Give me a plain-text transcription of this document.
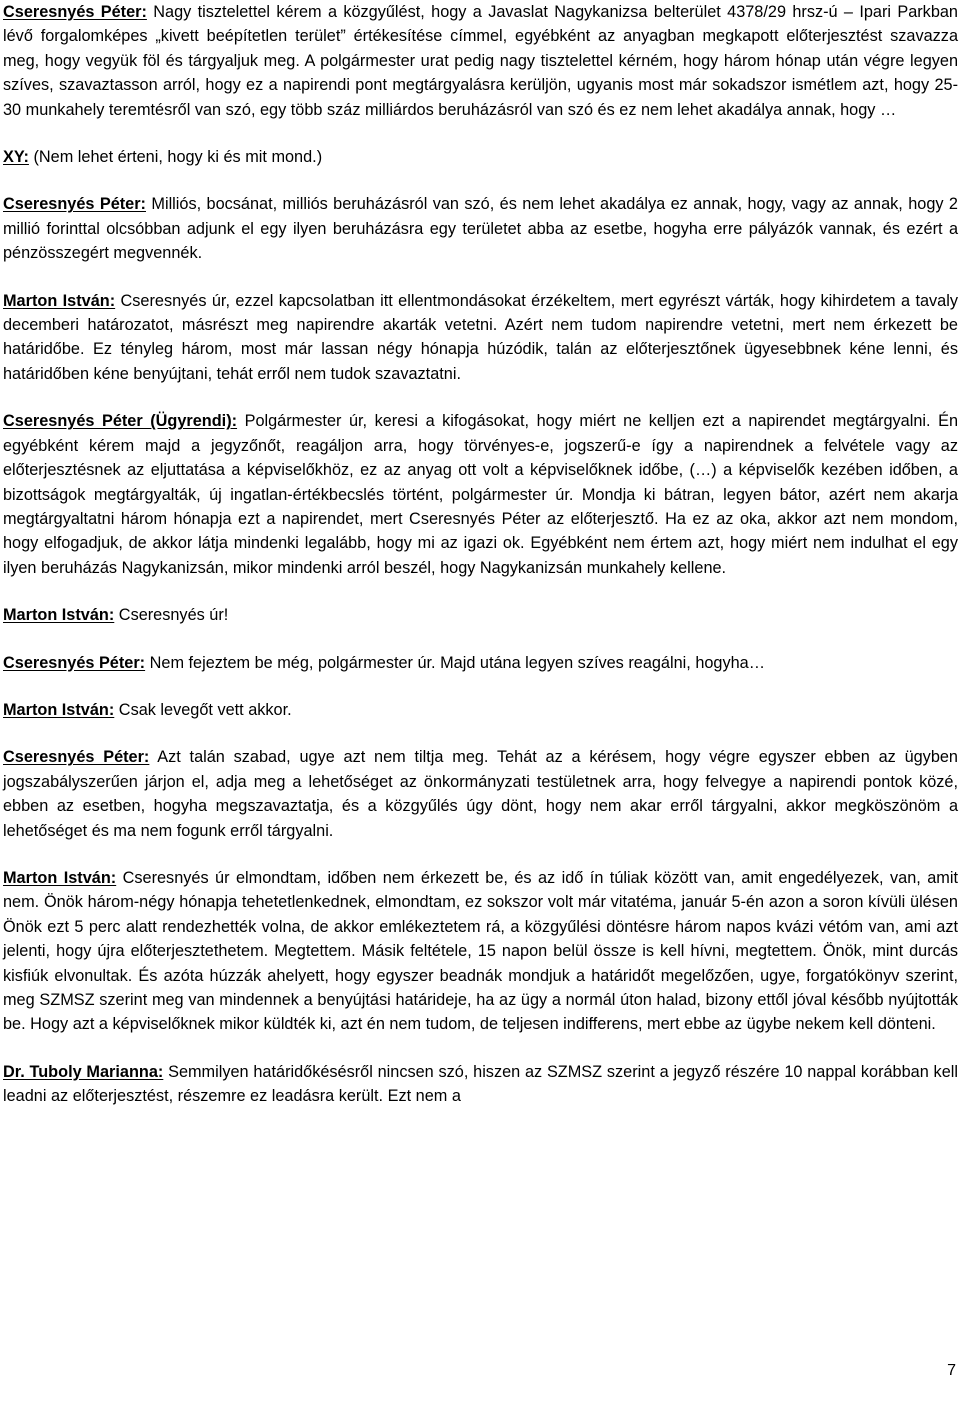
Cseresnyés Péter: Nagy tisztelettel kérem a közgyűlést, hogy a Javaslat Nagykanizsa belterület 4378/29 hrsz-ú – Ipari Parkban lévő forgalomképes „kivett beépítetlen terület” értékesítése címmel, egyébként az anyagban megkapott előterjesztést szavazza meg, hogy vegyük föl és tárgyaljuk meg. A polgármester urat pedig nagy tisztelettel kérném, hogy három hónap után végre legyen szíves, szavaztasson arról, hogy ez a napirendi pont megtárgyalásra kerüljön, ugyanis most már sokadszor ismétlem azt, hogy 25-30 munkahely teremtésről van szó, egy több száz milliárdos beruházásról van szó és ez nem lehet akadálya annak, hogy …

XY: (Nem lehet érteni, hogy ki és mit mond.)

Cseresnyés Péter: Milliós, bocsánat, milliós beruházásról van szó, és nem lehet akadálya ez annak, hogy, vagy az annak, hogy 2 millió forinttal olcsóbban adjunk el egy ilyen beruházásra egy területet abba az esetbe, hogyha erre pályázók vannak, és ezért a pénzösszegért megvennék.

Marton István: Cseresnyés úr, ezzel kapcsolatban itt ellentmondásokat érzékeltem, mert egyrészt várták, hogy kihirdetem a tavaly decemberi határozatot, másrészt meg napirendre akarták vetetni. Azért nem tudom napirendre vetetni, mert nem érkezett be határidőbe. Ez tényleg három, most már lassan négy hónapja húzódik, talán az előterjesztőnek ügyesebbnek kéne lenni, és határidőben kéne benyújtani, tehát erről nem tudok szavaztatni.

Cseresnyés Péter (Ügyrendi): Polgármester úr, keresi a kifogásokat, hogy miért ne kelljen ezt a napirendet megtárgyalni. Én egyébként kérem majd a jegyzőnőt, reagáljon arra, hogy törvényes-e, jogszerű-e így a napirendnek a felvétele vagy az előterjesztésnek az eljuttatása a képviselőkhöz, ez az anyag ott volt a képviselőknek időbe, (…) a képviselők kezében időben, a bizottságok megtárgyalták, új ingatlan-értékbecslés történt, polgármester úr. Mondja ki bátran, legyen bátor, azért nem akarja megtárgyaltatni három hónapja ezt a napirendet, mert Cseresnyés Péter az előterjesztő. Ha ez az oka, akkor azt nem mondom, hogy elfogadjuk, de akkor látja mindenki legalább, hogy mi az igazi ok. Egyébként nem értem azt, hogy miért nem indulhat el egy ilyen beruházás Nagykanizsán, mikor mindenki arról beszél, hogy Nagykanizsán munkahely kellene.

Marton István: Cseresnyés úr!

Cseresnyés Péter: Nem fejeztem be még, polgármester úr. Majd utána legyen szíves reagálni, hogyha…

Marton István: Csak levegőt vett akkor.

Cseresnyés Péter: Azt talán szabad, ugye azt nem tiltja meg. Tehát az a kérésem, hogy végre egyszer ebben az ügyben jogszabályszerűen járjon el, adja meg a lehetőséget az önkormányzati testületnek arra, hogy felvegye a napirendi pontok közé, ebben az esetben, hogyha megszavaztatja, és a közgyűlés úgy dönt, hogy nem akar erről tárgyalni, akkor megköszönöm a lehetőséget és ma nem fogunk erről tárgyalni.

Marton István: Cseresnyés úr elmondtam, időben nem érkezett be, és az idő ín túliak között van, amit engedélyezek, van, amit nem. Önök három-négy hónapja tehetetlenkednek, elmondtam, ez sokszor volt már vitatéma, január 5-én azon a soron kívüli ülésen Önök ezt 5 perc alatt rendezhették volna, de akkor emlékeztetem rá, a közgyűlési döntésre három napos kvázi vétóm van, ami azt jelenti, hogy újra előterjesztethetem. Megtettem. Másik feltétele, 15 napon belül össze is kell hívni, megtettem. Önök, mint durcás kisfiúk elvonultak. És azóta húzzák ahelyett, hogy egyszer beadnák mondjuk a határidőt megelőzően, ugye, forgatókönyv szerint, meg SZMSZ szerint meg van mindennek a benyújtási határideje, ha az ügy a normál úton halad, bizony ettől jóval később nyújtották be. Hogy azt a képviselőknek mikor küldték ki, azt én nem tudom, de teljesen indifferens, mert ebbe az ügybe nekem kell dönteni.

Dr. Tuboly Marianna: Semmilyen határidőkésésről nincsen szó, hiszen az SZMSZ szerint a jegyző részére 10 nappal korábban kell leadni az előterjesztést, részemre ez leadásra került. Ezt nem a

7
